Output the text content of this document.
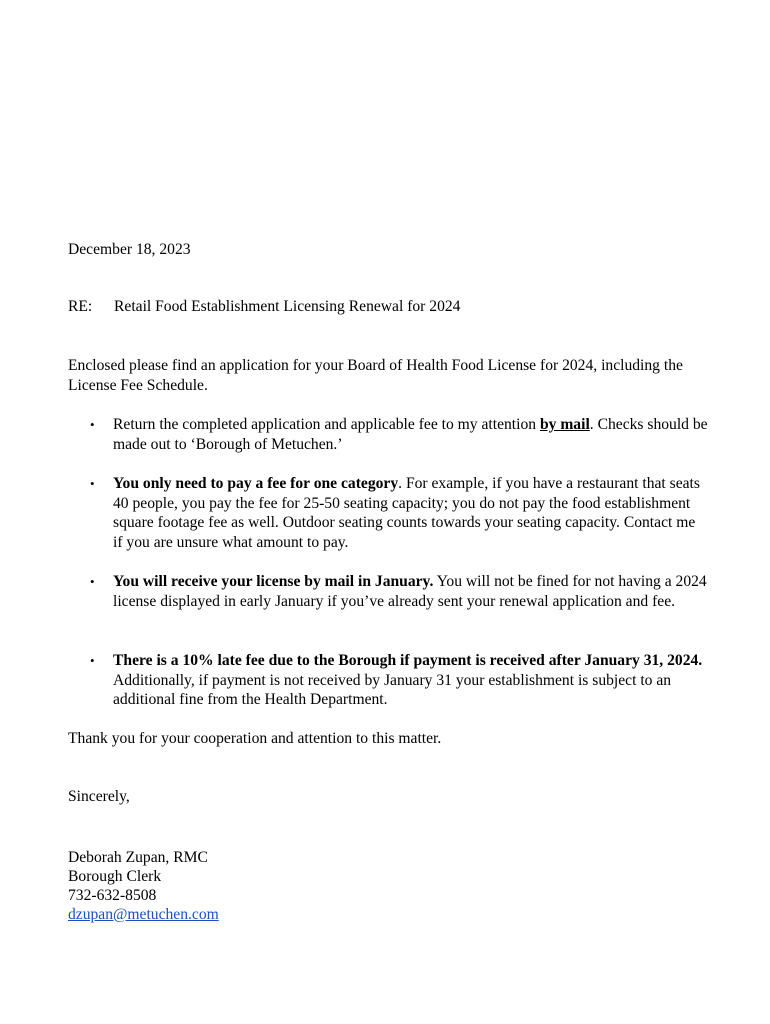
December 18, 2023
RE: Retail Food Establishment Licensing Renewal for 2024
Enclosed please find an application for your Board of Health Food License for 2024, including the License Fee Schedule.
• Return the completed application and applicable fee to my attention by mail. Checks should be made out to ‘Borough of Metuchen.’
• You only need to pay a fee for one category. For example, if you have a restaurant that seats 40 people, you pay the fee for 25-50 seating capacity; you do not pay the food establishment square footage fee as well. Outdoor seating counts towards your seating capacity. Contact me if you are unsure what amount to pay.
• You will receive your license by mail in January. You will not be fined for not having a 2024 license displayed in early January if you’ve already sent your renewal application and fee.
• There is a 10% late fee due to the Borough if payment is received after January 31, 2024. Additionally, if payment is not received by January 31 your establishment is subject to an additional fine from the Health Department.
Thank you for your cooperation and attention to this matter.
Sincerely,
Deborah Zupan, RMC
Borough Clerk
732-632-8508
dzupan@metuchen.com
